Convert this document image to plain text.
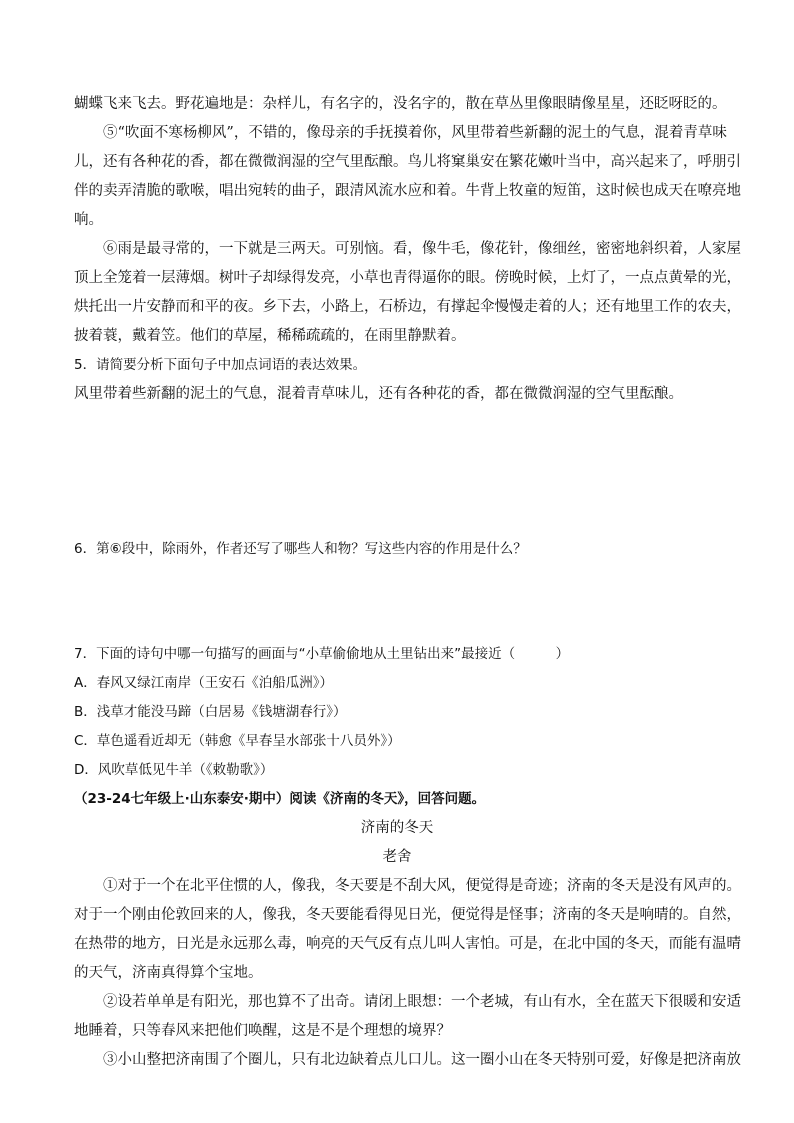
蝴蝶飞来飞去。野花遍地是：杂样儿，有名字的，没名字的，散在草丛里像眼睛像星星，还眨呀眨的。
⑤“吹面不寒杨柳风”，不错的，像母亲的手抚摸着你，风里带着些新翻的泥土的气息，混着青草味
儿，还有各种花的香，都在微微润湿的空气里酝酿。鸟儿将窠巢安在繁花嫩叶当中，高兴起来了，呼朋引
伴的卖弄清脆的歌喉，唱出宛转的曲子，跟清风流水应和着。牛背上牧童的短笛，这时候也成天在嘹亮地
响。
⑥雨是最寻常的，一下就是三两天。可别恼。看，像牛毛，像花针，像细丝，密密地斜织着，人家屋
顶上全笼着一层薄烟。树叶子却绿得发亮，小草也青得逼你的眼。傍晚时候，上灯了，一点点黄晕的光，
烘托出一片安静而和平的夜。乡下去，小路上，石桥边，有撑起伞慢慢走着的人；还有地里工作的农夫，
披着蓑，戴着笠。他们的草屋，稀稀疏疏的，在雨里静默着。
5．请简要分析下面句子中加点词语的表达效果。
风里带着些新翻的泥土的气息，混着青草味儿，还有各种花的香，都在微微润湿的空气里酝酿。
6．第⑥段中，除雨外，作者还写了哪些人和物？写这些内容的作用是什么？
7．下面的诗句中哪一句描写的画面与“小草偷偷地从土里钻出来”最接近（　　　）
A．春风又绿江南岸（王安石《泊船瓜洲》）
B．浅草才能没马蹄（白居易《钱塘湖春行》）
C．草色遥看近却无（韩愈《早春呈水部张十八员外》）
D．风吹草低见牛羊（《敕勒歌》）
（23-24七年级上·山东泰安·期中）阅读《济南的冬天》，回答问题。
济南的冬天
老舍
①对于一个在北平住惯的人，像我，冬天要是不刮大风，便觉得是奇迹；济南的冬天是没有风声的。
对于一个刚由伦敦回来的人，像我，冬天要能看得见日光，便觉得是怪事；济南的冬天是响晴的。自然，
在热带的地方，日光是永远那么毒，响亮的天气反有点儿叫人害怕。可是，在北中国的冬天，而能有温晴
的天气，济南真得算个宝地。
②设若单单是有阳光，那也算不了出奇。请闭上眼想：一个老城，有山有水，全在蓝天下很暖和安适
地睡着，只等春风来把他们唤醒，这是不是个理想的境界？
③小山整把济南围了个圈儿，只有北边缺着点儿口儿。这一圈小山在冬天特别可爱，好像是把济南放
